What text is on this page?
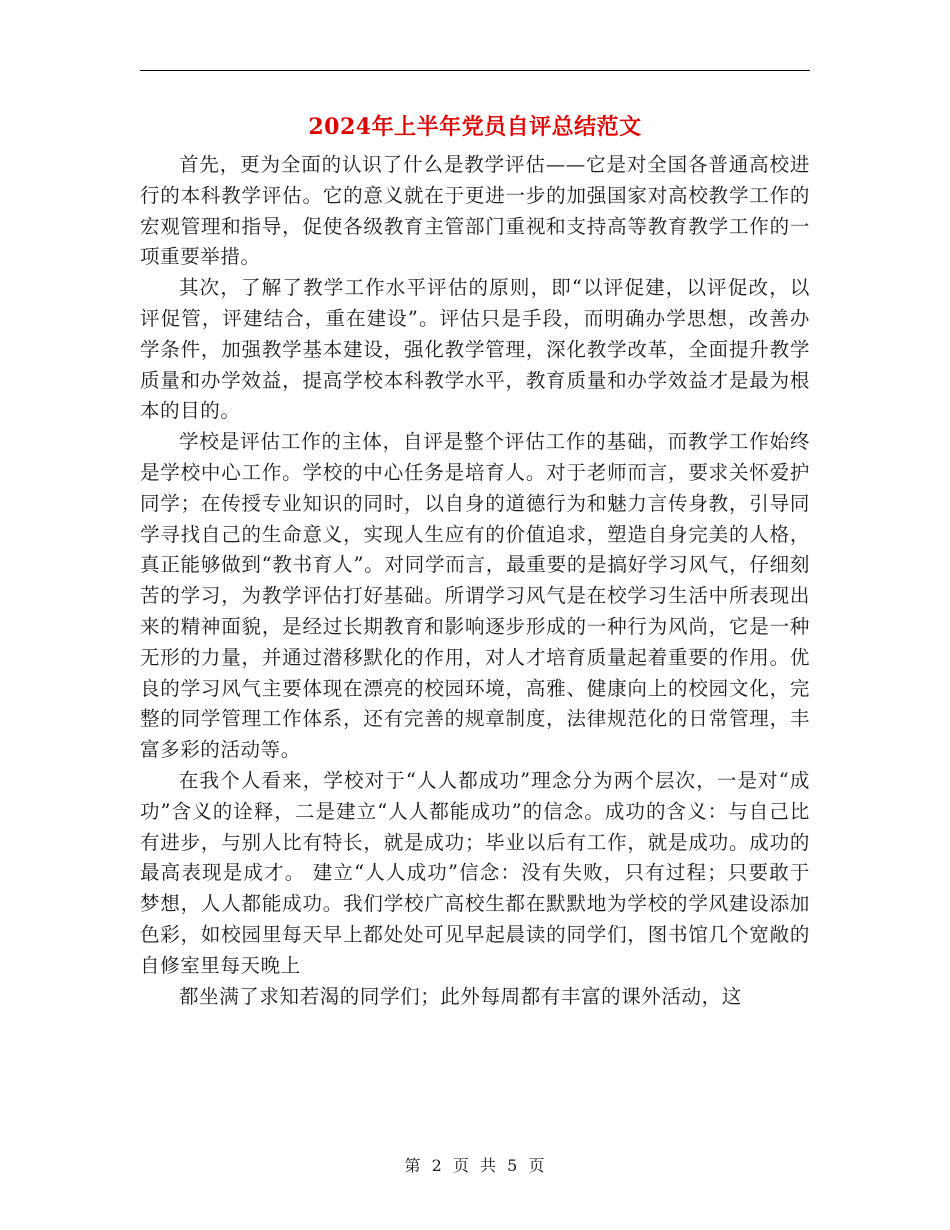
2024年上半年党员自评总结范文

首先，更为全面的认识了什么是教学评估——它是对全国各普通高校进行的本科教学评估。它的意义就在于更进一步的加强国家对高校教学工作的宏观管理和指导，促使各级教育主管部门重视和支持高等教育教学工作的一项重要举措。

其次，了解了教学工作水平评估的原则，即“以评促建，以评促改，以评促管，评建结合，重在建设”。评估只是手段，而明确办学思想，改善办学条件，加强教学基本建设，强化教学管理，深化教学改革，全面提升教学质量和办学效益，提高学校本科教学水平，教育质量和办学效益才是最为根本的目的。

学校是评估工作的主体，自评是整个评估工作的基础，而教学工作始终是学校中心工作。学校的中心任务是培育人。对于老师而言，要求关怀爱护同学；在传授专业知识的同时，以自身的道德行为和魅力言传身教，引导同学寻找自己的生命意义，实现人生应有的价值追求，塑造自身完美的人格，真正能够做到“教书育人”。对同学而言，最重要的是搞好学习风气，仔细刻苦的学习，为教学评估打好基础。所谓学习风气是在校学习生活中所表现出来的精神面貌，是经过长期教育和影响逐步形成的一种行为风尚，它是一种无形的力量，并通过潜移默化的作用，对人才培育质量起着重要的作用。优良的学习风气主要体现在漂亮的校园环境，高雅、健康向上的校园文化，完整的同学管理工作体系，还有完善的规章制度，法律规范化的日常管理，丰富多彩的活动等。

在我个人看来，学校对于“人人都成功”理念分为两个层次，一是对“成功”含义的诠释，二是建立“人人都能成功”的信念。成功的含义：与自己比有进步，与别人比有特长，就是成功；毕业以后有工作，就是成功。成功的最高表现是成才。 建立“人人成功”信念：没有失败，只有过程；只要敢于梦想，人人都能成功。我们学校广高校生都在默默地为学校的学风建设添加色彩，如校园里每天早上都处处可见早起晨读的同学们，图书馆几个宽敞的自修室里每天晚上

都坐满了求知若渴的同学们；此外每周都有丰富的课外活动，这

第 2 页 共 5 页
